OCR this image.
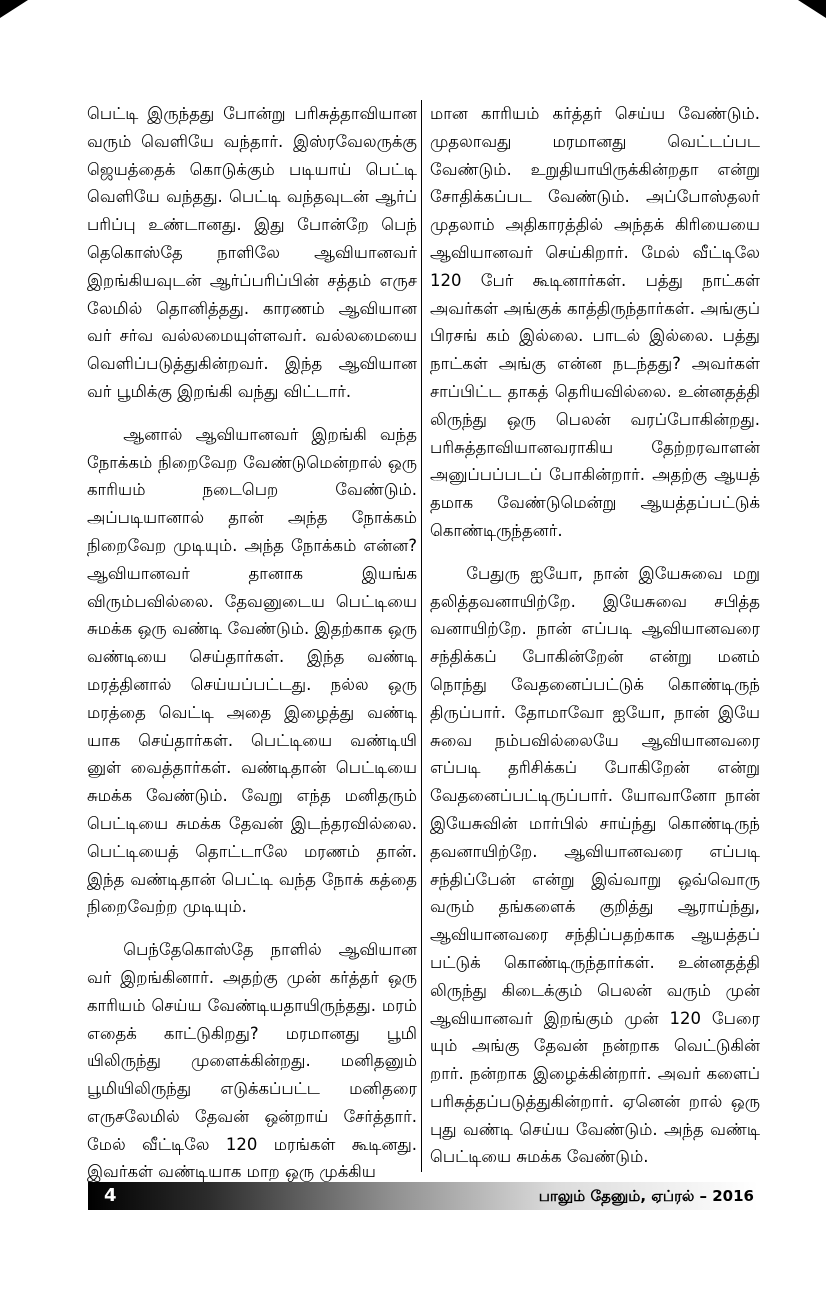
பெட்டி இருந்தது போன்று பரிசுத்தாவியான வரும் வெளியே வந்தார். இஸ்ரவேலருக்கு ஜெயத்தைக் கொடுக்கும் படியாய் பெட்டி வெளியே வந்தது. பெட்டி வந்தவுடன் ஆர்ப் பரிப்பு உண்டானது. இது போன்றே பெந் தெகொஸ்தே நாளிலே ஆவியானவர் இறங்கியவுடன் ஆர்ப்பரிப்பின் சத்தம் எருச லேமில் தொனித்தது. காரணம் ஆவியான வர் சர்வ வல்லமையுள்ளவர். வல்லமையை வெளிப்படுத்துகின்றவர். இந்த ஆவியான வர் பூமிக்கு இறங்கி வந்து விட்டார்.

ஆனால் ஆவியானவர் இறங்கி வந்த நோக்கம் நிறைவேற வேண்டுமென்றால் ஒரு காரியம் நடைபெற வேண்டும். அப்படியானால் தான் அந்த நோக்கம் நிறைவேற முடியும். அந்த நோக்கம் என்ன? ஆவியானவர் தானாக இயங்க விரும்பவில்லை. தேவனுடைய பெட்டியை சுமக்க ஒரு வண்டி வேண்டும். இதற்காக ஒரு வண்டியை செய்தார்கள். இந்த வண்டி மரத்தினால் செய்யப்பட்டது. நல்ல ஒரு மரத்தை வெட்டி அதை இழைத்து வண்டி யாக செய்தார்கள். பெட்டியை வண்டியி னுள் வைத்தார்கள். வண்டிதான் பெட்டியை சுமக்க வேண்டும். வேறு எந்த மனிதரும் பெட்டியை சுமக்க தேவன் இடந்தரவில்லை. பெட்டியைத் தொட்டாலே மரணம் தான். இந்த வண்டிதான் பெட்டி வந்த நோக் கத்தை நிறைவேற்ற முடியும்.

பெந்தேகொஸ்தே நாளில் ஆவியான வர் இறங்கினார். அதற்கு முன் கர்த்தர் ஒரு காரியம் செய்ய வேண்டியதாயிருந்தது. மரம் எதைக் காட்டுகிறது? மரமானது பூமி யிலிருந்து முளைக்கின்றது. மனிதனும் பூமியிலிருந்து எடுக்கப்பட்ட மனிதரை எருசலேமில் தேவன் ஒன்றாய் சேர்த்தார். மேல் வீட்டிலே 120 மரங்கள் கூடினது. இவர்கள் வண்டியாக மாற ஒரு முக்கிய

மான காரியம் கர்த்தர் செய்ய வேண்டும். முதலாவது மரமானது வெட்டப்பட வேண்டும். உறுதியாயிருக்கின்றதா என்று சோதிக்கப்பட வேண்டும். அப்போஸ்தலர் முதலாம் அதிகாரத்தில் அந்தக் கிரியையை ஆவியானவர் செய்கிறார். மேல் வீட்டிலே 120 பேர் கூடினார்கள். பத்து நாட்கள் அவர்கள் அங்குக் காத்திருந்தார்கள். அங்குப் பிரசங் கம் இல்லை. பாடல் இல்லை. பத்து நாட்கள் அங்கு என்ன நடந்தது? அவர்கள் சாப்பிட்ட தாகத் தெரியவில்லை. உன்னதத்தி லிருந்து ஒரு பெலன் வரப்போகின்றது. பரிசுத்தாவியானவராகிய தேற்றரவாளன் அனுப்பப்படப் போகின்றார். அதற்கு ஆயத் தமாக வேண்டுமென்று ஆயத்தப்பட்டுக் கொண்டிருந்தனர்.

பேதுரு ஐயோ, நான் இயேசுவை மறு தலித்தவனாயிற்றே. இயேசுவை சபித்த வனாயிற்றே. நான் எப்படி ஆவியானவரை சந்திக்கப் போகின்றேன் என்று மனம் நொந்து வேதனைப்பட்டுக் கொண்டிருந் திருப்பார். தோமாவோ ஐயோ, நான் இயே சுவை நம்பவில்லையே ஆவியானவரை எப்படி தரிசிக்கப் போகிறேன் என்று வேதனைப்பட்டிருப்பார். யோவானோ நான் இயேசுவின் மார்பில் சாய்ந்து கொண்டிருந் தவனாயிற்றே. ஆவியானவரை எப்படி சந்திப்பேன் என்று இவ்வாறு ஒவ்வொரு வரும் தங்களைக் குறித்து ஆராய்ந்து, ஆவியானவரை சந்திப்பதற்காக ஆயத்தப் பட்டுக் கொண்டிருந்தார்கள். உன்னதத்தி லிருந்து கிடைக்கும் பெலன் வரும் முன் ஆவியானவர் இறங்கும் முன் 120 பேரை யும் அங்கு தேவன் நன்றாக வெட்டுகின் றார். நன்றாக இழைக்கின்றார். அவர் களைப் பரிசுத்தப்படுத்துகின்றார். ஏனென் றால் ஒரு புது வண்டி செய்ய வேண்டும். அந்த வண்டி பெட்டியை சுமக்க வேண்டும்.

4	பாலும் தேனும், ஏப்ரல் – 2016
